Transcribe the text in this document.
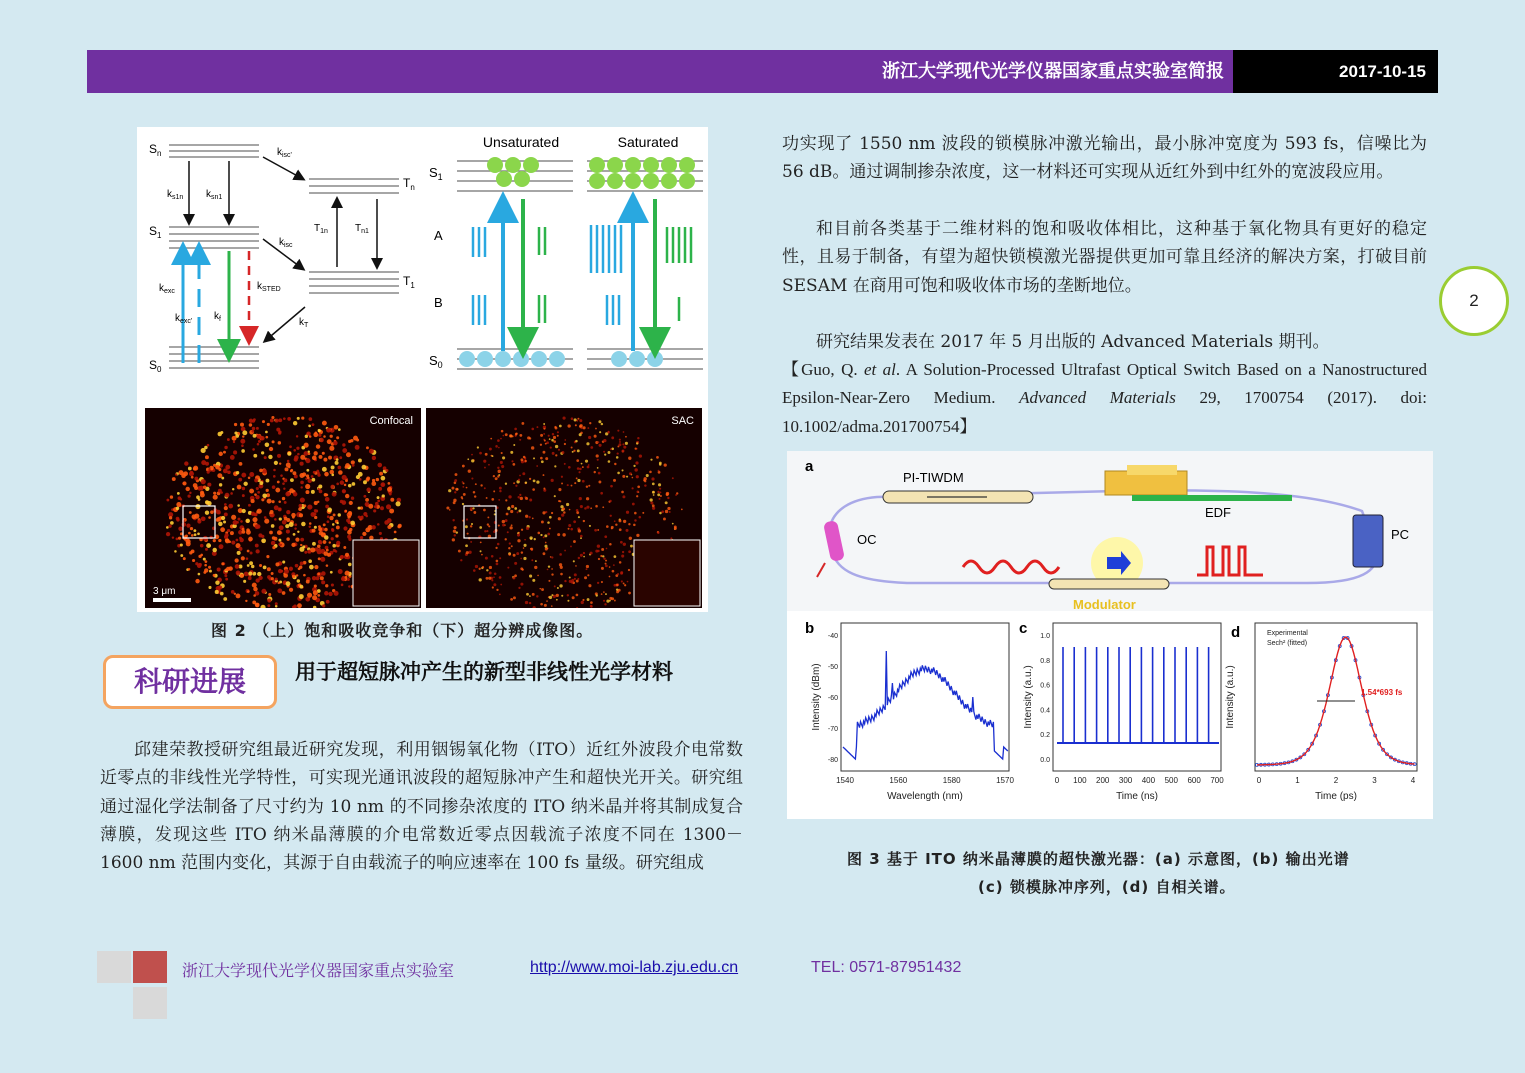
浙江大学现代光学仪器国家重点实验室简报	2017-10-15
$S_n$
$S_1$
$S_0$
$T_n$
$T_1$
$k_{s1n}$ $k_{sn1}$
$k_{isc'}$
$k_{isc}$
$T_{1n}$	$T_{n1}$
$k_T$
$k_{exc}$
$k_{exc'}$ $k_f$
$k_{STED}$
Unsaturated	Saturated
$S_1$
A
B
$S_0$
Confocal
3 μm
SAC
图 2 （上）饱和吸收竞争和（下）超分辨成像图。
科研进展	用于超短脉冲产生的新型非线性光学材料

邱建荣教授研究组最近研究发现，利用铟锡氧化物（ITO）近红外波段介电常数近零点的非线性光学特性，可实现光通讯波段的超短脉冲产生和超快光开关。研究组通过湿化学法制备了尺寸约为 10 nm 的不同掺杂浓度的 ITO 纳米晶并将其制成复合薄膜，发现这些 ITO 纳米晶薄膜的介电常数近零点因载流子浓度不同在 1300－1600 nm 范围内变化，其源于自由载流子的响应速率在 100 fs 量级。研究组成

功实现了 1550 nm 波段的锁模脉冲激光输出，最小脉冲宽度为 593 fs，信噪比为 56 dB。通过调制掺杂浓度，这一材料还可实现从近红外到中红外的宽波段应用。

和目前各类基于二维材料的饱和吸收体相比，这种基于氧化物具有更好的稳定性，且易于制备，有望为超快锁模激光器提供更加可靠且经济的解决方案，打破目前 SESAM 在商用可饱和吸收体市场的垄断地位。

研究结果发表在 2017 年 5 月出版的 Advanced Materials 期刊。

【Guo, Q. et al. A Solution-Processed Ultrafast Optical Switch Based on a Nanostructured Epsilon-Near-Zero Medium. Advanced Materials 29, 1700754 (2017). doi: 10.1002/adma.201700754】

a
PI-TIWDM
EDF
OC	PC
Modulator
b	c	d
Wavelength (nm)
Intensity (dBm)
1540	1560	1580	1570
-40
-50
-60
-70
-80
Time (ns)
Intensity (a.u.)
0 100 200 300 400 500 600 700
1.0
0.8
0.6
0.4
0.2
0.0
Time (ps)
Intensity (a.u.)
0	1	2	3	4
1.54*693 fs
Experimental
Sech² (fitted)
图 3 基于 ITO 纳米晶薄膜的超快激光器：(a) 示意图，(b) 输出光谱
(c) 锁模脉冲序列，(d) 自相关谱。
2
浙江大学现代光学仪器国家重点实验室	http://www.moi-lab.zju.edu.cn	TEL: 0571-87951432
